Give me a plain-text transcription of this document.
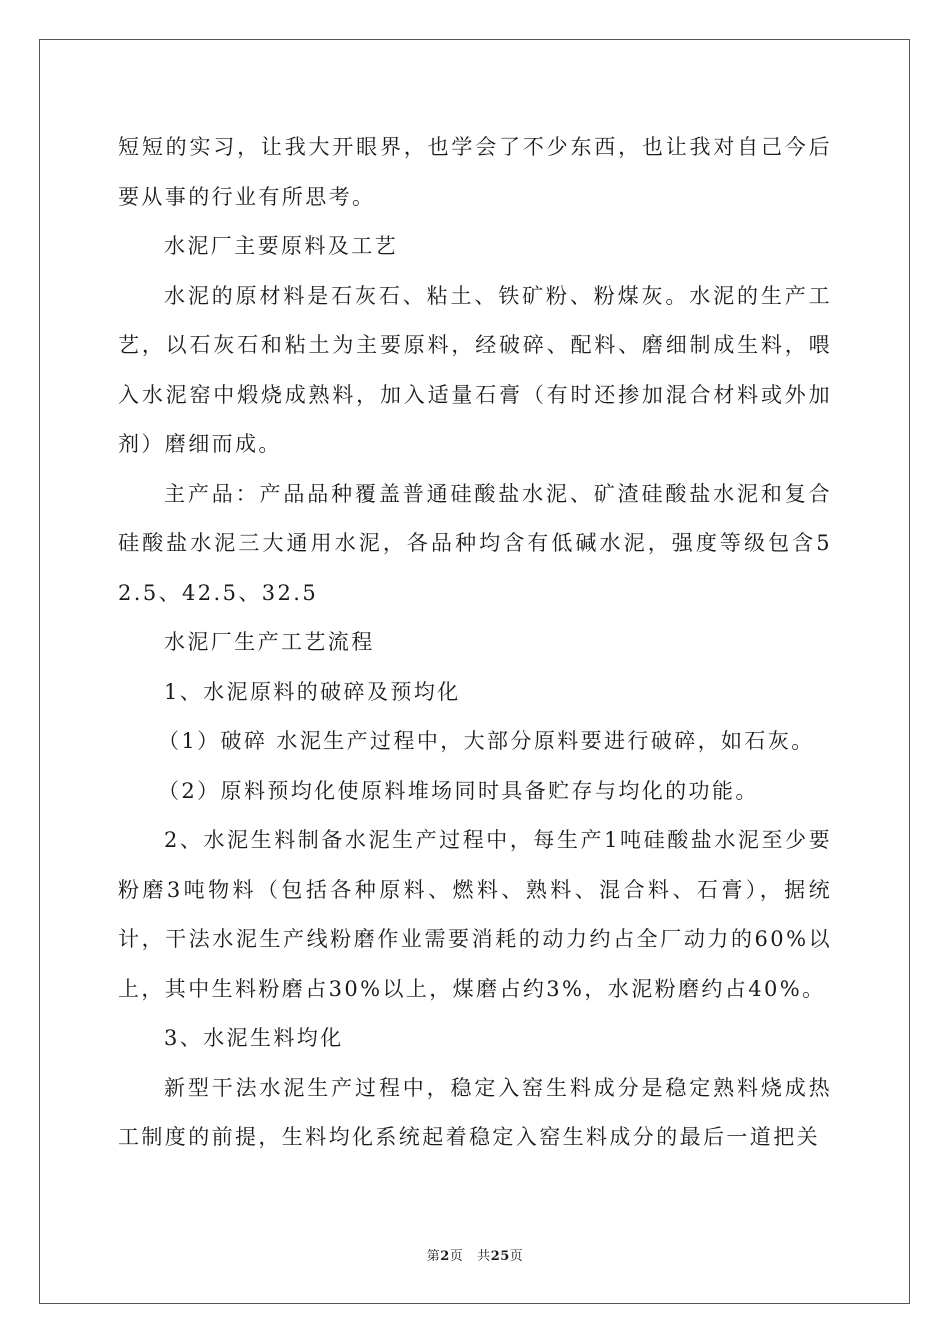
短短的实习，让我大开眼界，也学会了不少东西，也让我对自己今后要从事的行业有所思考。

水泥厂主要原料及工艺

水泥的原材料是石灰石、粘土、铁矿粉、粉煤灰。水泥的生产工艺，以石灰石和粘土为主要原料，经破碎、配料、磨细制成生料，喂入水泥窑中煅烧成熟料，加入适量石膏（有时还掺加混合材料或外加剂）磨细而成。

主产品：产品品种覆盖普通硅酸盐水泥、矿渣硅酸盐水泥和复合硅酸盐水泥三大通用水泥，各品种均含有低碱水泥，强度等级包含52.5、42.5、32.5

水泥厂生产工艺流程

1、水泥原料的破碎及预均化

（1）破碎 水泥生产过程中，大部分原料要进行破碎，如石灰。

（2）原料预均化使原料堆场同时具备贮存与均化的功能。

2、水泥生料制备水泥生产过程中，每生产1吨硅酸盐水泥至少要粉磨3吨物料（包括各种原料、燃料、熟料、混合料、石膏），据统计，干法水泥生产线粉磨作业需要消耗的动力约占全厂动力的60%以上，其中生料粉磨占30%以上，煤磨占约3%，水泥粉磨约占40%。

3、水泥生料均化

新型干法水泥生产过程中，稳定入窑生料成分是稳定熟料烧成热工制度的前提，生料均化系统起着稳定入窑生料成分的最后一道把关

第2页 共25页
